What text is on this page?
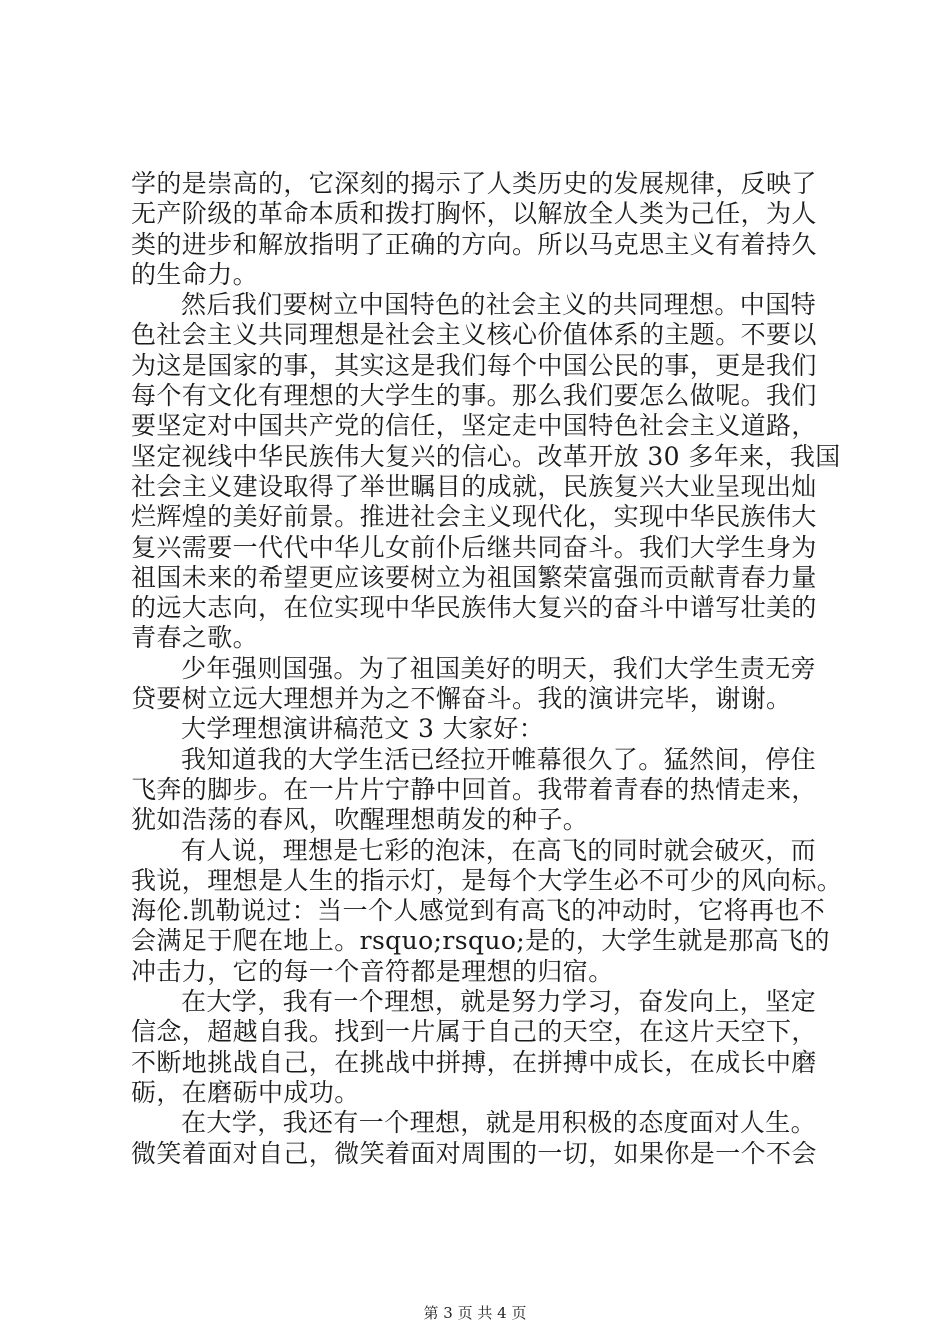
学的是崇高的，它深刻的揭示了人类历史的发展规律，反映了
无产阶级的革命本质和拨打胸怀，以解放全人类为己任，为人
类的进步和解放指明了正确的方向。所以马克思主义有着持久
的生命力。
然后我们要树立中国特色的社会主义的共同理想。中国特
色社会主义共同理想是社会主义核心价值体系的主题。不要以
为这是国家的事，其实这是我们每个中国公民的事，更是我们
每个有文化有理想的大学生的事。那么我们要怎么做呢。我们
要坚定对中国共产党的信任，坚定走中国特色社会主义道路，
坚定视线中华民族伟大复兴的信心。改革开放 30 多年来，我国
社会主义建设取得了举世瞩目的成就，民族复兴大业呈现出灿
烂辉煌的美好前景。推进社会主义现代化，实现中华民族伟大
复兴需要一代代中华儿女前仆后继共同奋斗。我们大学生身为
祖国未来的希望更应该要树立为祖国繁荣富强而贡献青春力量
的远大志向，在位实现中华民族伟大复兴的奋斗中谱写壮美的
青春之歌。
少年强则国强。为了祖国美好的明天，我们大学生责无旁
贷要树立远大理想并为之不懈奋斗。我的演讲完毕，谢谢。
大学理想演讲稿范文 3 大家好：
我知道我的大学生活已经拉开帷幕很久了。猛然间，停住
飞奔的脚步。在一片片宁静中回首。我带着青春的热情走来，
犹如浩荡的春风，吹醒理想萌发的种子。
有人说，理想是七彩的泡沫，在高飞的同时就会破灭，而
我说，理想是人生的指示灯，是每个大学生必不可少的风向标。
海伦.凯勒说过：当一个人感觉到有高飞的冲动时，它将再也不
会满足于爬在地上。rsquo;rsquo;是的，大学生就是那高飞的
冲击力，它的每一个音符都是理想的归宿。
在大学，我有一个理想，就是努力学习，奋发向上，坚定
信念，超越自我。找到一片属于自己的天空，在这片天空下，
不断地挑战自己，在挑战中拼搏，在拼搏中成长，在成长中磨
砺，在磨砺中成功。
在大学，我还有一个理想，就是用积极的态度面对人生。
微笑着面对自己，微笑着面对周围的一切，如果你是一个不会
第 3 页 共 4 页
